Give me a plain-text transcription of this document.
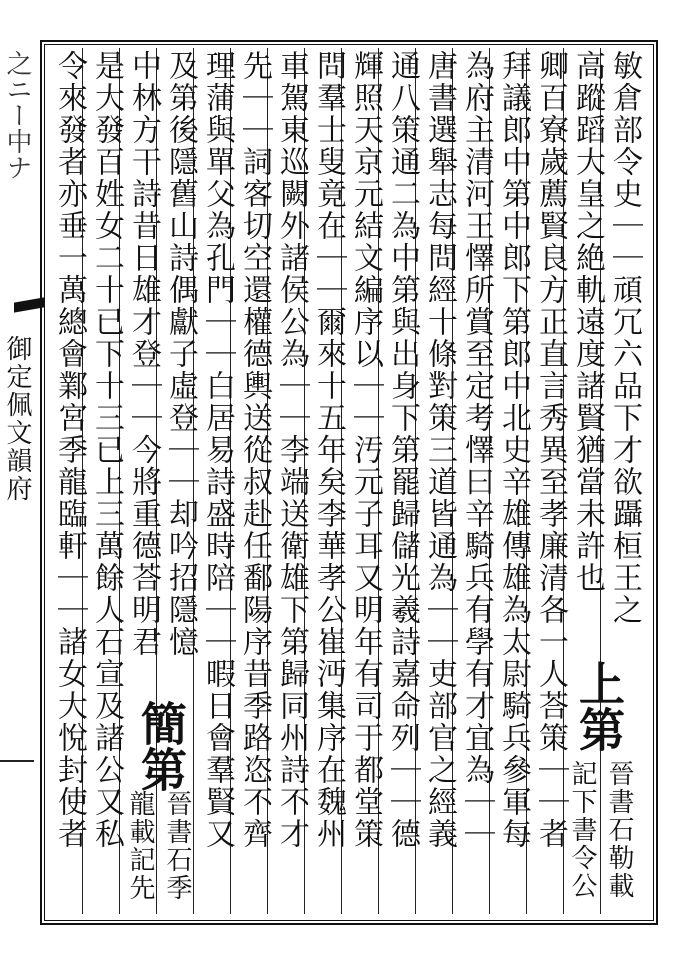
之ニー中ナ
御定佩文韻府	敏倉部令史｜｜頑冗六品下才欲躡桓王之
高蹤蹈大皇之絶軌遠度諸賢猶當未許也
卿百寮歲薦賢良方正直言秀異至孝廉清各一人荅策｜｜者
拜議郎中第中郎下第郎中北史辛雄傳雄為太尉騎兵參軍每
為府主清河王懌所賞至定考懌曰辛騎兵有學有才宜為｜｜
唐書選舉志每問經十條對策三道皆通為｜｜吏部官之經義
通八策通二為中第與出身下第罷歸儲光羲詩嘉命列｜｜德
輝照天京元結文編序以｜｜汚元子耳又明年有司于都堂策
問羣士叟竟在｜｜爾來十五年矣李華孝公崔沔集序在魏州
車駕東巡闕外諸侯公為｜｜李端送衛雄下第歸同州詩不才
先｜｜詞客切空還權德輿送從叔赴任鄱陽序昔季路恣不齊
理蒲與單父為孔門｜｜白居易詩盛時陪｜｜暇日會羣賢又
及第後隱舊山詩偶獻子虛登｜｜却吟招隱憶
中林方干詩昔日雄才登｜｜今將重德荅明君
是大發百姓女二十已下十三已上三萬餘人石宣及諸公又私
令來發者亦垂一萬總會鄴宮季龍臨軒｜｜諸女大悅封使者	上第
晉書石勒載
記下書令公
簡第
晉書石季
龍載記先
